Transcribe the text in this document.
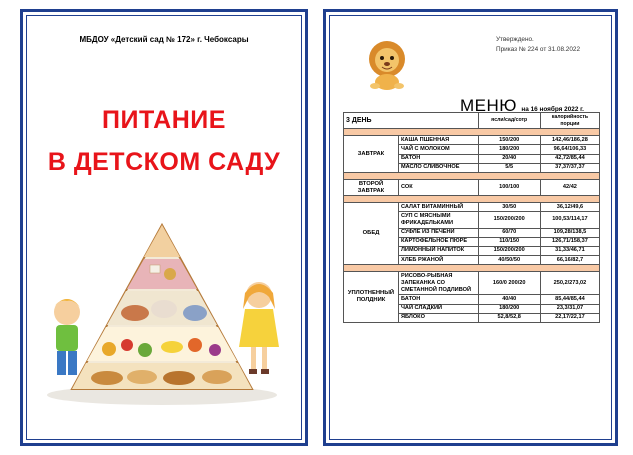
МБДОУ «Детский сад № 172» г. Чебоксары
ПИТАНИЕ
В ДЕТСКОМ САДУ
Утверждено.
Приказ № 224 от 31.08.2022
МЕНЮ на 16 ноября 2022 г.
3 ДЕНЬ		ясли/сад/сотр	калорийность порции

ЗАВТРАК	КАША ПШЕННАЯ	150/200	142,46/186,28
	ЧАЙ С МОЛОКОМ	180/200	96,64/106,33
	БАТОН	20/40	42,72/85,44
	МАСЛО СЛИВОЧНОЕ	5/5	37,37/37,37

ВТОРОЙ ЗАВТРАК	СОК	100/100	42/42

ОБЕД	САЛАТ ВИТАМИННЫЙ	30/50	36,12/49,6
	СУП С МЯСНЫМИ ФРИКАДЕЛЬКАМИ	150/200/200	100,53/114,17
	СУФЛЕ ИЗ ПЕЧЕНИ	60/70	109,28/138,5
	КАРТОФЕЛЬНОЕ ПЮРЕ	110/150	126,71/158,37
	ЛИМОННЫЙ НАПИТОК	150/200/200	31,33/46,71
	ХЛЕБ РЖАНОЙ	40/50/50	66,16/82,7

УПЛОТНЕННЫЙ ПОЛДНИК	РИСОВО-РЫБНАЯ ЗАПЕКАНКА СО СМЕТАННОЙ ПОДЛИВОЙ	160/0 200/20	250,2/273,02
	БАТОН	40/40	85,44/85,44
	ЧАЙ СЛАДКИЙ	180/200	23,3/31,07
	ЯБЛОКО	52,8/52,8	22,17/22,17
